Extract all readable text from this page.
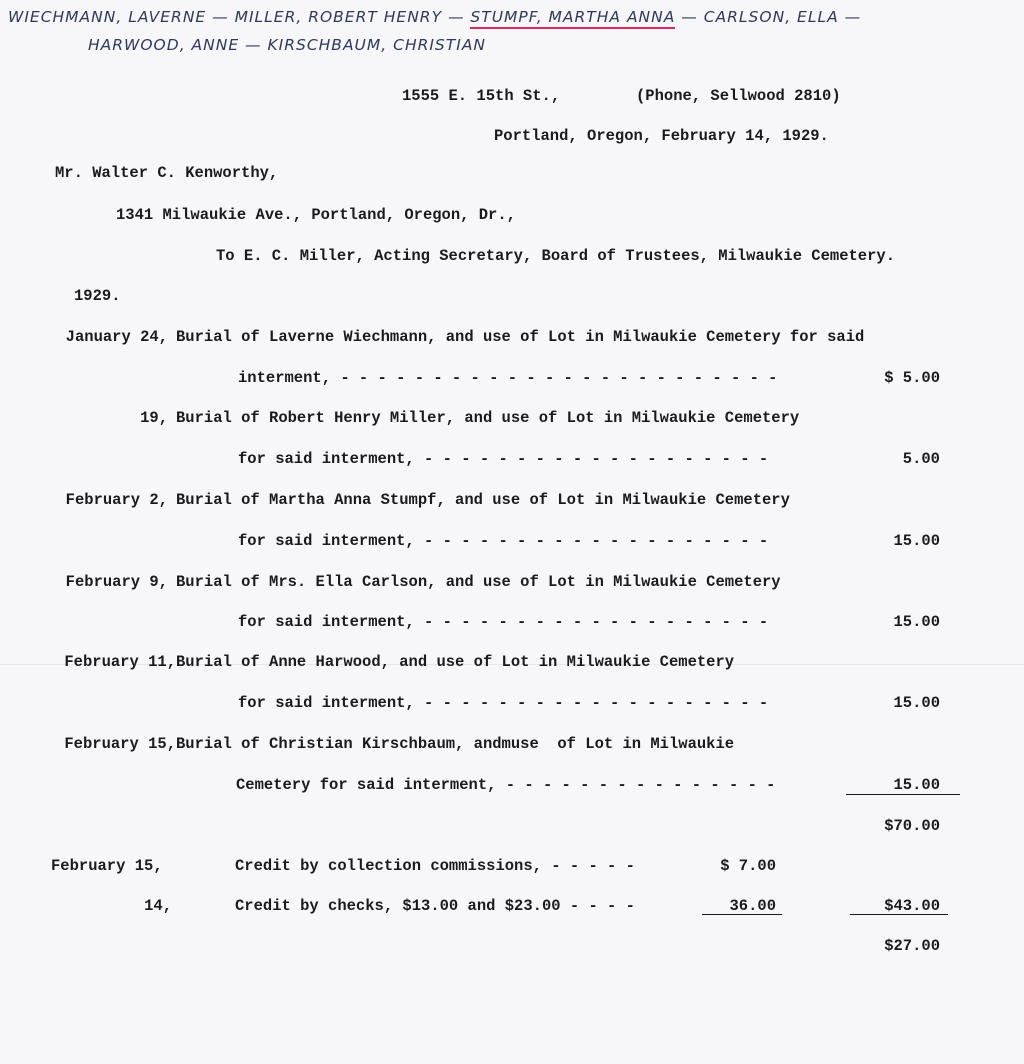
WIECHMANN, LAVERNE — MILLER, ROBERT HENRY — STUMPF, MARTHA ANNA — CARLSON, ELLA —
HARWOOD, ANNE — KIRSCHBAUM, CHRISTIAN
1555 E. 15th St.,	(Phone, Sellwood 2810)
Portland, Oregon, February 14, 1929.
Mr. Walter C. Kenworthy,
1341 Milwaukie Ave., Portland, Oregon, Dr.,
To E. C. Miller, Acting Secretary, Board of Trustees, Milwaukie Cemetery.
1929.
January 24, Burial of Laverne Wiechmann, and use of Lot in Milwaukie Cemetery for said
interment, - - - - - - - - - - - - - - - - - - - - - - - -	$ 5.00
19, Burial of Robert Henry Miller, and use of Lot in Milwaukie Cemetery
for said interment, - - - - - - - - - - - - - - - - - - -	5.00
February 2, Burial of Martha Anna Stumpf, and use of Lot in Milwaukie Cemetery
for said interment, - - - - - - - - - - - - - - - - - - -	15.00
February 9, Burial of Mrs. Ella Carlson, and use of Lot in Milwaukie Cemetery
for said interment, - - - - - - - - - - - - - - - - - - -	15.00
February 11, Burial of Anne Harwood, and use of Lot in Milwaukie Cemetery
for said interment, - - - - - - - - - - - - - - - - - - -	15.00
February 15, Burial of Christian Kirschbaum, andmuse  of Lot in Milwaukie
Cemetery for said interment, - - - - - - - - - - - - - - -	15.00
$70.00
February 15,	Credit by collection commissions, - - - - -	$ 7.00
14,	Credit by checks, $13.00 and $23.00 - - - -	36.00	$43.00
$27.00
